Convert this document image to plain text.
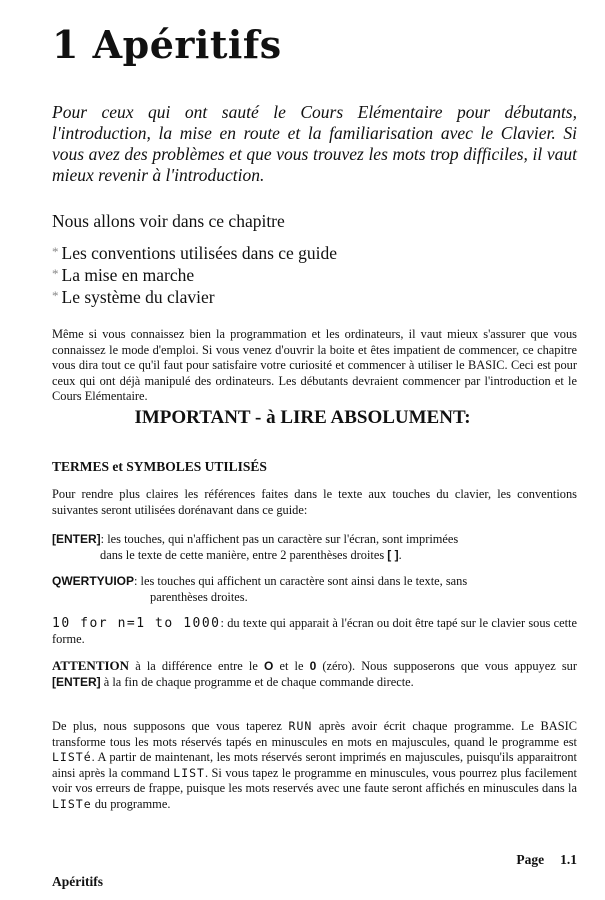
1 Apéritifs

Pour ceux qui ont sauté le Cours Elémentaire pour débutants, l'introduction, la mise en route et la familiarisation avec le Clavier. Si vous avez des problèmes et que vous trouvez les mots trop difficiles, il vaut mieux revenir à l'introduction.

Nous allons voir dans ce chapitre

* Les conventions utilisées dans ce guide
* La mise en marche
* Le système du clavier

Même si vous connaissez bien la programmation et les ordinateurs, il vaut mieux s'assurer que vous connaissez le mode d'emploi. Si vous venez d'ouvrir la boite et êtes impatient de commencer, ce chapitre vous dira tout ce qu'il faut pour satisfaire votre curiosité et commencer à utiliser le BASIC. Ceci est pour ceux qui ont déjà manipulé des ordinateurs. Les débutants devraient commencer par l'introduction et le Cours Elémentaire.

IMPORTANT - à LIRE ABSOLUMENT:
TERMES et SYMBOLES UTILISÉS

Pour rendre plus claires les références faites dans le texte aux touches du clavier, les conventions suivantes seront utilisées dorénavant dans ce guide:

[ENTER]: les touches, qui n'affichent pas un caractère sur l'écran, sont imprimées
dans le texte de cette manière, entre 2 parenthèses droites [ ].

QWERTYUIOP: les touches qui affichent un caractère sont ainsi dans le texte, sans
parenthèses droites.

10 for n=1 to 1000: du texte qui apparait à l'écran ou doit être tapé sur le clavier sous cette forme.

ATTENTION à la différence entre le O et le 0 (zéro). Nous supposerons que vous appuyez sur [ENTER] à la fin de chaque programme et de chaque commande directe.

De plus, nous supposons que vous taperez RUN après avoir écrit chaque programme. Le BASIC transforme tous les mots réservés tapés en minuscules en mots en majuscules, quand le programme est LISTé. A partir de maintenant, les mots réservés seront imprimés en majuscules, puisqu'ils apparaitront ainsi après la command LIST. Si vous tapez le programme en minuscules, vous pourrez plus facilement voir vos erreurs de frappe, puisque les mots reservés avec une faute seront affichés en minuscules dans la LISTe du programme.

Apéritifs

Page 1.1
